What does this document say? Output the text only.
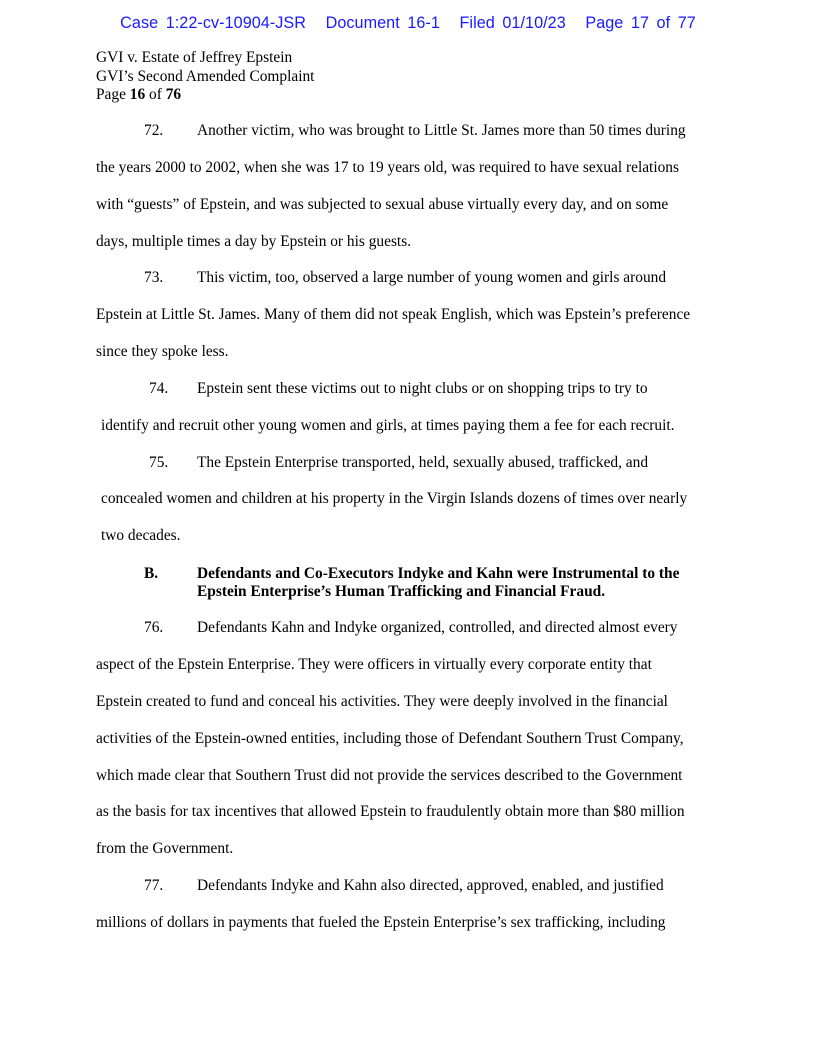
Case 1:22-cv-10904-JSR Document 16-1 Filed 01/10/23 Page 17 of 77
GVI v. Estate of Jeffrey Epstein
GVI’s Second Amended Complaint
Page 16 of 76
72. Another victim, who was brought to Little St. James more than 50 times during
the years 2000 to 2002, when she was 17 to 19 years old, was required to have sexual relations
with “guests” of Epstein, and was subjected to sexual abuse virtually every day, and on some
days, multiple times a day by Epstein or his guests.
73. This victim, too, observed a large number of young women and girls around
Epstein at Little St. James. Many of them did not speak English, which was Epstein’s preference
since they spoke less.
74. Epstein sent these victims out to night clubs or on shopping trips to try to
identify and recruit other young women and girls, at times paying them a fee for each recruit.
75. The Epstein Enterprise transported, held, sexually abused, trafficked, and
concealed women and children at his property in the Virgin Islands dozens of times over nearly
two decades.
B.	Defendants and Co-Executors Indyke and Kahn were Instrumental to the
Epstein Enterprise’s Human Trafficking and Financial Fraud.
76. Defendants Kahn and Indyke organized, controlled, and directed almost every
aspect of the Epstein Enterprise. They were officers in virtually every corporate entity that
Epstein created to fund and conceal his activities. They were deeply involved in the financial
activities of the Epstein-owned entities, including those of Defendant Southern Trust Company,
which made clear that Southern Trust did not provide the services described to the Government
as the basis for tax incentives that allowed Epstein to fraudulently obtain more than $80 million
from the Government.
77. Defendants Indyke and Kahn also directed, approved, enabled, and justified
millions of dollars in payments that fueled the Epstein Enterprise’s sex trafficking, including
